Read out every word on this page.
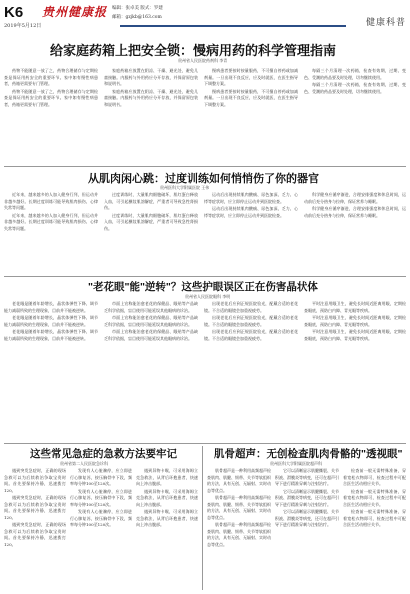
K6
2019年5月12日
贵州健康报 编辑：张卓美 版式：罗建
邮箱：gzjkb@163.com	健康科普
给家庭药箱上把安全锁：慢病用药的科学管理指南
贵州省人民医院药剂科 李青

药物不能随意一放了之，药物合理储存与定期检查是保证用药安全的重要环节。家中如有慢性病患者，药箱更需要专门管理。

药物不能随意一放了之，药物合理储存与定期检查是保证用药安全的重要环节。家中如有慢性病患者，药箱更需要专门管理。

家庭药箱应放置在阴凉、干燥、避光处，避免儿童接触。内服药与外用药应分开存放，并保留原包装和说明书。

家庭药箱应放置在阴凉、干燥、避光处，避免儿童接触。内服药与外用药应分开存放，并保留原包装和说明书。

慢病患者要按时按量服药，不可擅自停药或加减剂量。一旦出现不良反应，应及时就医，在医生指导下调整方案。

慢病患者要按时按量服药，不可擅自停药或加减剂量。一旦出现不良反应，应及时就医，在医生指导下调整方案。

每隔三个月清理一次药箱，检查有效期，过期、变色、受潮的药品要及时处理，切勿继续使用。

每隔三个月清理一次药箱，检查有效期，过期、变色、受潮的药品要及时处理，切勿继续使用。

从肌肉闲心跳：过度训练如何悄悄伤了你的器官
贵州医科大学附属医院 王伟

近年来，越来越多的人加入健身行列，但运动并非越多越好。长期过度训练可能导致肌肉损伤、心律失常等问题。

近年来，越来越多的人加入健身行列，但运动并非越多越好。长期过度训练可能导致肌肉损伤、心律失常等问题。

过度训练时，大量肌肉细胞破坏，肌红蛋白释放入血，可引起横纹肌溶解症，严重者可导致急性肾损伤。

过度训练时，大量肌肉细胞破坏，肌红蛋白释放入血，可引起横纹肌溶解症，严重者可导致急性肾损伤。

运动后出现持续肌肉酸痛、尿色加深、乏力、心悸等症状时，应立即停止运动并到医院检查。

运动后出现持续肌肉酸痛、尿色加深、乏力、心悸等症状时，应立即停止运动并到医院检查。

科学健身应循序渐进，合理安排强度和休息时间，运动前后充分热身与拉伸，保证营养与睡眠。

科学健身应循序渐进，合理安排强度和休息时间，运动前后充分热身与拉伸，保证营养与睡眠。

"老花眼"能"逆转"？这些护眼误区正在伤害晶状体
贵州省人民医院眼科 李明

老花眼是随着年龄增长，晶状体弹性下降、调节能力减弱所致的生理现象，目前并不能被逆转。

老花眼是随着年龄增长，晶状体弹性下降、调节能力减弱所致的生理现象，目前并不能被逆转。

老花眼是随着年龄增长，晶状体弹性下降、调节能力减弱所致的生理现象，目前并不能被逆转。

市面上宣称能治愈老花的保健品、眼贴等产品缺乏科学依据，盲目使用可能延误其他眼病的诊治。

市面上宣称能治愈老花的保健品、眼贴等产品缺乏科学依据，盲目使用可能延误其他眼病的诊治。

市面上宣称能治愈老花的保健品、眼贴等产品缺乏科学依据，盲目使用可能延误其他眼病的诊治。

出现老花后应到正规医院验光，配戴合适的老花镜。不合适的眼镜会加重视疲劳。

出现老花后应到正规医院验光，配戴合适的老花镜。不合适的眼镜会加重视疲劳。

出现老花后应到正规医院验光，配戴合适的老花镜。不合适的眼镜会加重视疲劳。

平时注意用眼卫生，避免长时间近距离用眼，定期检查眼底，预防白内障、青光眼等疾病。

平时注意用眼卫生，避免长时间近距离用眼，定期检查眼底，预防白内障、青光眼等疾病。

平时注意用眼卫生，避免长时间近距离用眼，定期检查眼底，预防白内障、青光眼等疾病。

这些常见急症的急救方法要牢记
贵州省第二人民医院急诊科

遇到突发急症时，正确的现场急救可以为后续救治争取宝贵时间。首先要保持冷静，迅速拨打120。

遇到突发急症时，正确的现场急救可以为后续救治争取宝贵时间。首先要保持冷静，迅速拨打120。

遇到突发急症时，正确的现场急救可以为后续救治争取宝贵时间。首先要保持冷静，迅速拨打120。

发现有人心脏骤停，应立即进行心肺复苏，按压胸骨中下段，频率每分钟100至120次。

发现有人心脏骤停，应立即进行心肺复苏，按压胸骨中下段，频率每分钟100至120次。

发现有人心脏骤停，应立即进行心肺复苏，按压胸骨中下段，频率每分钟100至120次。

遇到异物卡喉，可采用海姆立克急救法，从背后环抱患者，快速向上冲击腹部。

遇到异物卡喉，可采用海姆立克急救法，从背后环抱患者，快速向上冲击腹部。

遇到异物卡喉，可采用海姆立克急救法，从背后环抱患者，快速向上冲击腹部。

肌骨超声：无创检查肌肉骨骼的"透视眼"
贵州医科大学附属医院超声科

肌骨超声是一种利用高频超声检查肌肉、肌腱、韧带、关节等软组织的方法，具有无创、无辐射、实时动态等优点。

肌骨超声是一种利用高频超声检查肌肉、肌腱、韧带、关节等软组织的方法，具有无创、无辐射、实时动态等优点。

肌骨超声是一种利用高频超声检查肌肉、肌腱、韧带、关节等软组织的方法，具有无创、无辐射、实时动态等优点。

它可以清晰显示肌腱撕裂、关节积液、滑膜炎等病变，还可在超声引导下进行精准穿刺与注射治疗。

它可以清晰显示肌腱撕裂、关节积液、滑膜炎等病变，还可在超声引导下进行精准穿刺与注射治疗。

它可以清晰显示肌腱撕裂、关节积液、滑膜炎等病变，还可在超声引导下进行精准穿刺与注射治疗。

检查前一般无需特殊准备，穿着宽松衣物即可，检查过程中可配合医生活动相应关节。

检查前一般无需特殊准备，穿着宽松衣物即可，检查过程中可配合医生活动相应关节。

检查前一般无需特殊准备，穿着宽松衣物即可，检查过程中可配合医生活动相应关节。
